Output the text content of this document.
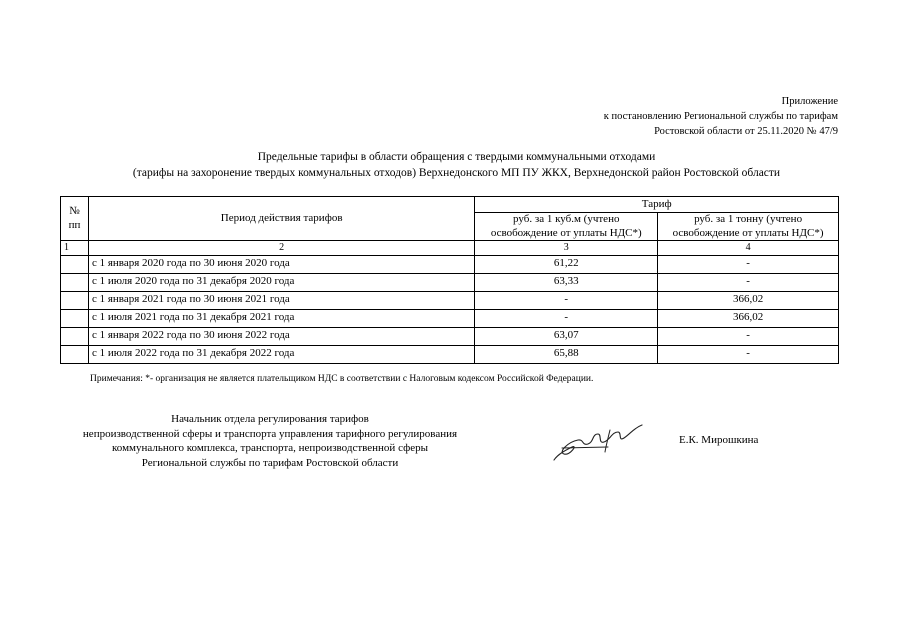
Приложение
к постановлению Региональной службы по тарифам
Ростовской области от 25.11.2020 № 47/9
Предельные тарифы в области обращения с твердыми коммунальными отходами
(тарифы на захоронение твердых коммунальных отходов) Верхнедонского МП ПУ ЖКХ, Верхнедонской район Ростовской области
№ пп	Период действия тарифов	Тариф	
		руб. за 1 куб.м (учтено освобождение от уплаты НДС*)	руб. за 1 тонну (учтено освобождение от уплаты НДС*)
1	2	3	4
	с 1 января 2020 года по 30 июня 2020 года	61,22	-
	с 1 июля 2020 года по 31 декабря 2020 года	63,33	-
	с 1 января 2021 года по 30 июня 2021 года	-	366,02
	с 1 июля 2021 года по 31 декабря 2021 года	-	366,02
	с 1 января 2022 года по 30 июня 2022 года	63,07	-
	с 1 июля 2022 года по 31 декабря 2022 года	65,88	-
Примечания: *- организация не является плательщиком НДС в соответствии с Налоговым кодексом Российской Федерации.
Начальник отдела регулирования тарифов
непроизводственной сферы и транспорта управления тарифного регулирования
коммунального комплекса, транспорта, непроизводственной сферы
Региональной службы по тарифам Ростовской области
Е.К. Мирошкина
